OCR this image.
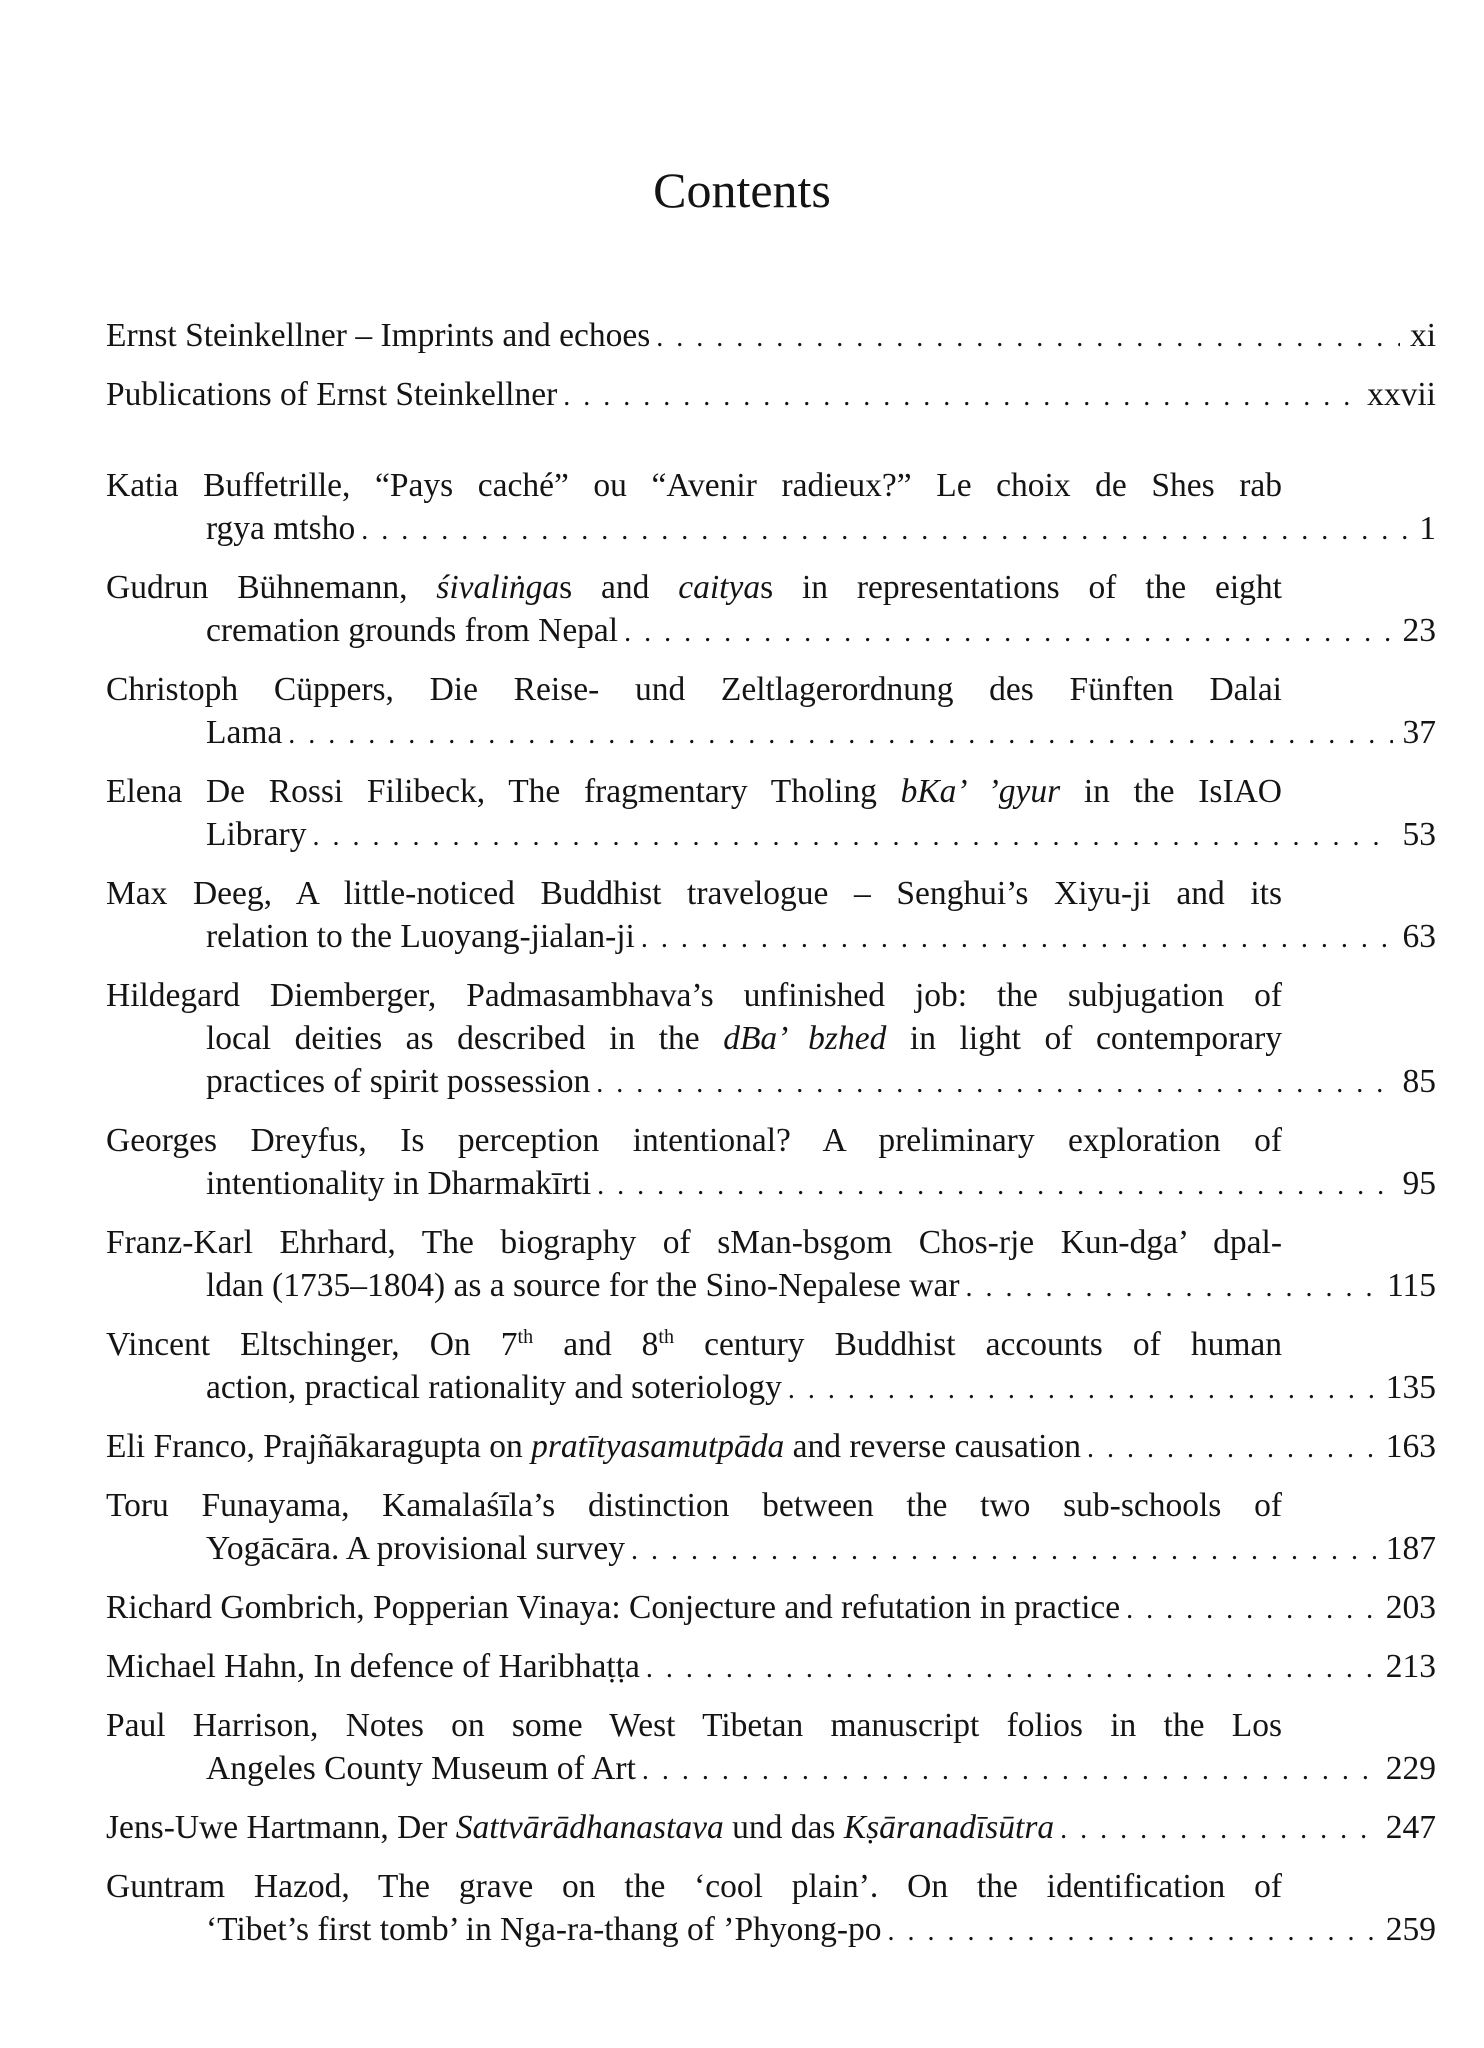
Contents
Ernst Steinkellner – Imprints and echoes . . .	xi
Publications of Ernst Steinkellner . . .	xxvii
Katia Buffetrille, “Pays caché” ou “Avenir radieux?” Le choix de Shes rab
rgya mtsho . . .	1
Gudrun Bühnemann, śivaliṅgas and caityas in representations of the eight
cremation grounds from Nepal . . .	23
Christoph Cüppers, Die Reise- und Zeltlagerordnung des Fünften Dalai
Lama . . .	37
Elena De Rossi Filibeck, The fragmentary Tholing bKa’ ’gyur in the IsIAO
Library . . .	53
Max Deeg, A little-noticed Buddhist travelogue – Senghui’s Xiyu-ji and its
relation to the Luoyang-jialan-ji . . .	63
Hildegard Diemberger, Padmasambhava’s unfinished job: the subjugation of
local deities as described in the dBa’ bzhed in light of contemporary
practices of spirit possession . . .	85
Georges Dreyfus, Is perception intentional? A preliminary exploration of
intentionality in Dharmakīrti . . .	95
Franz-Karl Ehrhard, The biography of sMan-bsgom Chos-rje Kun-dga’ dpal-
ldan (1735–1804) as a source for the Sino-Nepalese war . . .	115
Vincent Eltschinger, On 7th and 8th century Buddhist accounts of human
action, practical rationality and soteriology . . .	135
Eli Franco, Prajñākaragupta on pratītyasamutpāda and reverse causation . . .	163
Toru Funayama, Kamalaśīla’s distinction between the two sub-schools of
Yogācāra. A provisional survey . . .	187
Richard Gombrich, Popperian Vinaya: Conjecture and refutation in practice . . .	203
Michael Hahn, In defence of Haribhaṭṭa . . .	213
Paul Harrison, Notes on some West Tibetan manuscript folios in the Los
Angeles County Museum of Art . . .	229
Jens-Uwe Hartmann, Der Sattvārādhanastava und das Kṣāranadīsūtra . . .	247
Guntram Hazod, The grave on the ‘cool plain’. On the identification of
‘Tibet’s first tomb’ in Nga-ra-thang of ’Phyong-po . . .	259
